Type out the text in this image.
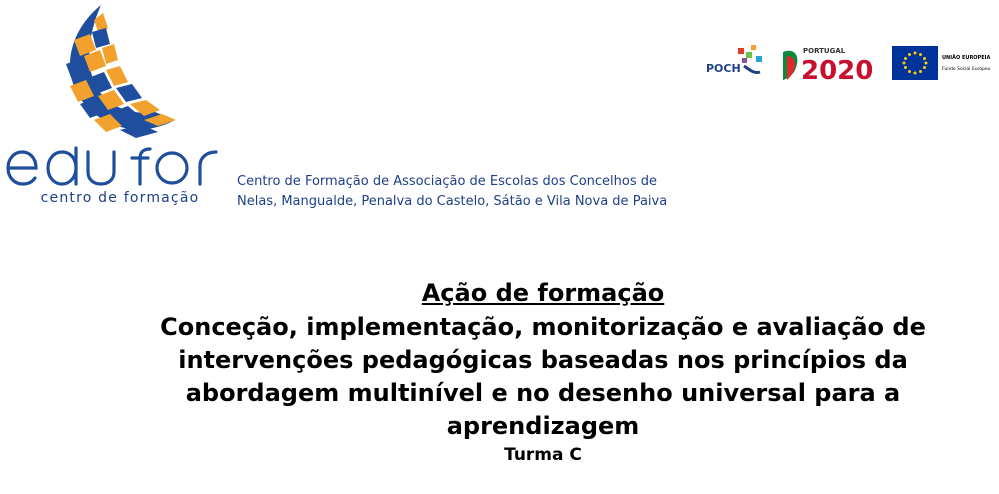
centro de formação
Centro de Formação de Associação de Escolas dos Concelhos de
Nelas, Mangualde, Penalva do Castelo, Sátão e Vila Nova de Paiva
POCH
PORTUGAL
2020	UNIÃO EUROPEIA
Fundo Social Europeu

Ação de formação

Conceção, implementação, monitorização e avaliação de
intervenções pedagógicas baseadas nos princípios da
abordagem multinível e no desenho universal para a
aprendizagem

Turma C
